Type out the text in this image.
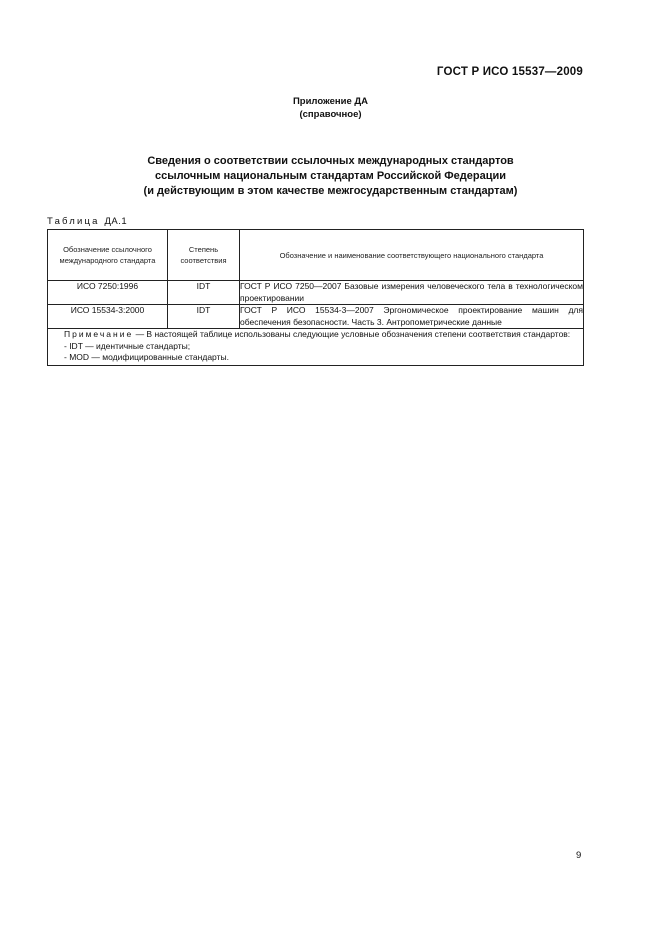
ГОСТ Р ИСО 15537—2009
Приложение ДА
(справочное)
Сведения о соответствии ссылочных международных стандартов
ссылочным национальным стандартам Российской Федерации
(и действующим в этом качестве межгосударственным стандартам)
Таблица ДА.1
Обозначение ссылочного международного стандарта	Степень соответствия	Обозначение и наименование соответствующего национального стандарта
ИСО 7250:1996	IDT	ГОСТ Р ИСО 7250—2007 Базовые измерения человеческого тела в технологическом проектировании
ИСО 15534-3:2000	IDT	ГОСТ Р ИСО 15534-3—2007 Эргономическое проектирование машин для обеспечения безопасности. Часть 3. Антропометрические данные

Примечание — В настоящей таблице использованы следующие условные обозначения степени соответствия стандартов:
- IDT — идентичные стандарты;
- MOD — модифицированные стандарты.		
9
